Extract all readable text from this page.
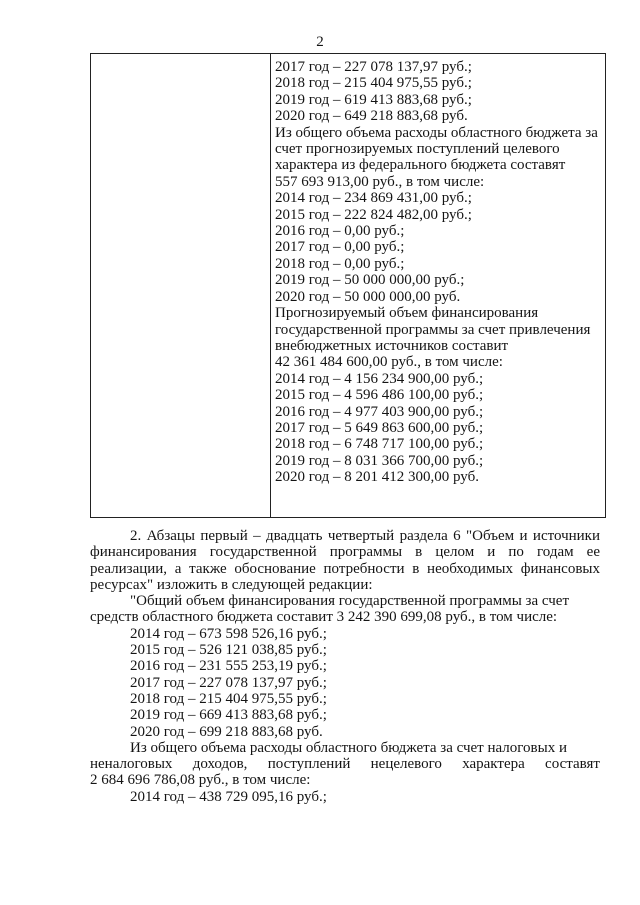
2
2017 год – 227 078 137,97 руб.;
2018 год – 215 404 975,55 руб.;
2019 год – 619 413 883,68 руб.;
2020 год – 649 218 883,68 руб.
Из общего объема расходы областного бюджета за
счет прогнозируемых поступлений целевого
характера из федерального бюджета составят
557 693 913,00 руб., в том числе:
2014 год – 234 869 431,00 руб.;
2015 год – 222 824 482,00 руб.;
2016 год – 0,00 руб.;
2017 год – 0,00 руб.;
2018 год – 0,00 руб.;
2019 год – 50 000 000,00 руб.;
2020 год – 50 000 000,00 руб.
Прогнозируемый объем финансирования
государственной программы за счет привлечения
внебюджетных источников составит
42 361 484 600,00 руб., в том числе:
2014 год – 4 156 234 900,00 руб.;
2015 год – 4 596 486 100,00 руб.;
2016 год – 4 977 403 900,00 руб.;
2017 год – 5 649 863 600,00 руб.;
2018 год – 6 748 717 100,00 руб.;
2019 год – 8 031 366 700,00 руб.;
2020 год – 8 201 412 300,00 руб.
2. Абзацы первый – двадцать четвертый раздела 6 "Объем и источники финансирования государственной программы в целом и по годам ее реализации, а также обоснование потребности в необходимых финансовых ресурсах" изложить в следующей редакции:
"Общий объем финансирования государственной программы за счет
средств областного бюджета составит 3 242 390 699,08 руб., в том числе:
2014 год – 673 598 526,16 руб.;
2015 год – 526 121 038,85 руб.;
2016 год – 231 555 253,19 руб.;
2017 год – 227 078 137,97 руб.;
2018 год – 215 404 975,55 руб.;
2019 год – 669 413 883,68 руб.;
2020 год – 699 218 883,68 руб.
Из общего объема расходы областного бюджета за счет налоговых и
неналоговых доходов, поступлений нецелевого характера составят
2 684 696 786,08 руб., в том числе:
2014 год – 438 729 095,16 руб.;
